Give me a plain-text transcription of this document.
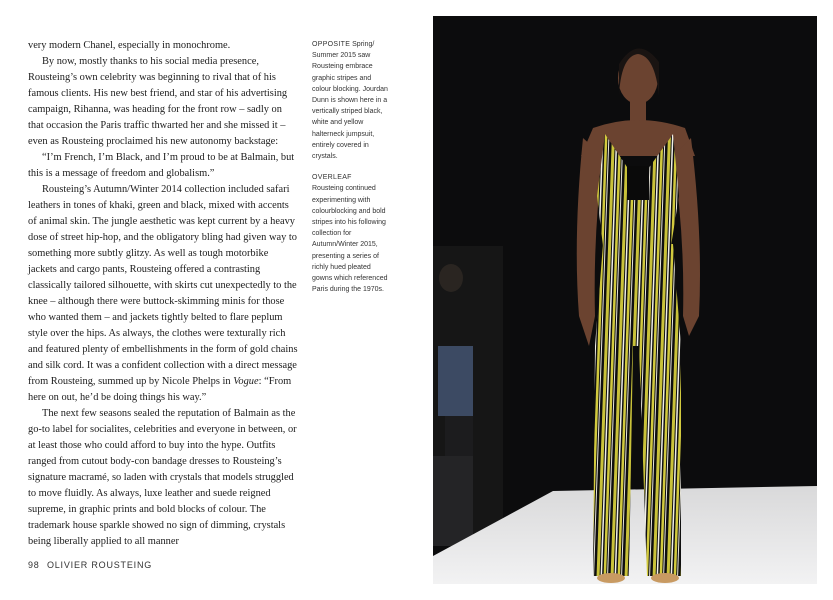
very modern Chanel, especially in monochrome.

By now, mostly thanks to his social media presence, Rousteing’s own celebrity was beginning to rival that of his famous clients. His new best friend, and star of his advertising campaign, Rihanna, was heading for the front row – sadly on that occasion the Paris traffic thwarted her and she missed it – even as Rousteing proclaimed his new autonomy backstage:

“I’m French, I’m Black, and I’m proud to be at Balmain, but this is a message of freedom and globalism.”

Rousteing’s Autumn/Winter 2014 collection included safari leathers in tones of khaki, green and black, mixed with accents of animal skin. The jungle aesthetic was kept current by a heavy dose of street hip-hop, and the obligatory bling had given way to something more subtly glitzy. As well as tough motorbike jackets and cargo pants, Rousteing offered a contrasting classically tailored silhouette, with skirts cut unexpectedly to the knee – although there were buttock-skimming minis for those who wanted them – and jackets tightly belted to flare peplum style over the hips. As always, the clothes were texturally rich and featured plenty of embellishments in the form of gold chains and silk cord. It was a confident collection with a direct message from Rousteing, summed up by Nicole Phelps in Vogue: “From here on out, he’d be doing things his way.”

The next few seasons sealed the reputation of Balmain as the go-to label for socialites, celebrities and everyone in between, or at least those who could afford to buy into the hype. Outfits ranged from cutout body-con bandage dresses to Rousteing’s signature macramé, so laden with crystals that models struggled to move fluidly. As always, luxe leather and suede reigned supreme, in graphic prints and bold blocks of colour. The trademark house sparkle showed no sign of dimming, crystals being liberally applied to all manner

OPPOSITE Spring/ Summer 2015 saw Rousteing embrace graphic stripes and colour blocking. Jourdan Dunn is shown here in a vertically striped black, white and yellow halterneck jumpsuit, entirely covered in crystals.
OVERLEAF
Rousteing continued experimenting with colourblocking and bold stripes into his following collection for Autumn/Winter 2015, presenting a series of richly hued pleated gowns which referenced Paris during the 1970s.
98 OLIVIER ROUSTEING
